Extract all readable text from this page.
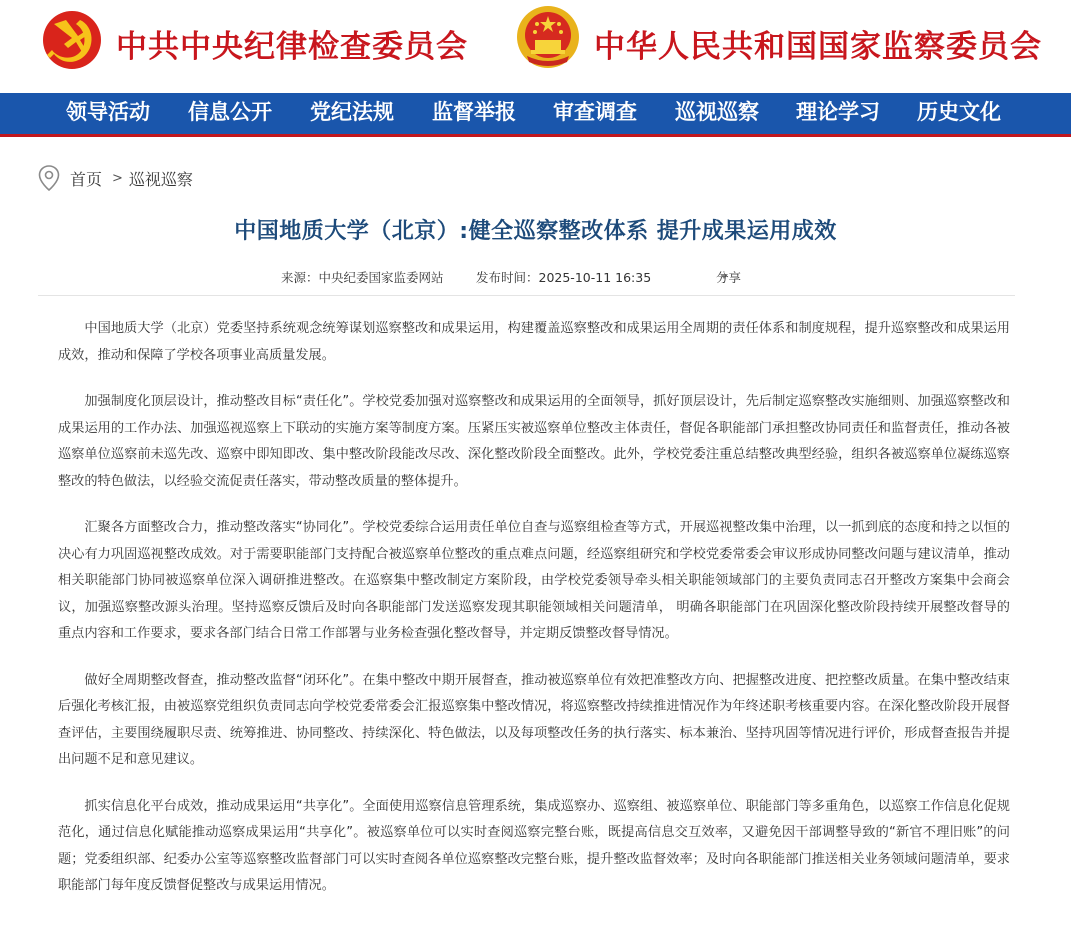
中共中央纪律检查委员会	中华人民共和国国家监察委员会
领导活动 信息公开 党纪法规 监督举报 审查调查 巡视巡察 理论学习 历史文化
首页 > 巡视巡察
中国地质大学（北京）:健全巡察整改体系 提升成果运用成效
来源：中央纪委国家监委网站	发布时间：2025-10-11 16:35	分享

中国地质大学（北京）党委坚持系统观念统筹谋划巡察整改和成果运用，构建覆盖巡察整改和成果运用全周期的责任体系和制度规程，提升巡察整改和成果运用成效，推动和保障了学校各项事业高质量发展。

加强制度化顶层设计，推动整改目标“责任化”。学校党委加强对巡察整改和成果运用的全面领导，抓好顶层设计，先后制定巡察整改实施细则、加强巡察整改和成果运用的工作办法、加强巡视巡察上下联动的实施方案等制度方案。压紧压实被巡察单位整改主体责任，督促各职能部门承担整改协同责任和监督责任，推动各被巡察单位巡察前未巡先改、巡察中即知即改、集中整改阶段能改尽改、深化整改阶段全面整改。此外，学校党委注重总结整改典型经验，组织各被巡察单位凝练巡察整改的特色做法，以经验交流促责任落实，带动整改质量的整体提升。

汇聚各方面整改合力，推动整改落实“协同化”。学校党委综合运用责任单位自查与巡察组检查等方式，开展巡视整改集中治理，以一抓到底的态度和持之以恒的决心有力巩固巡视整改成效。对于需要职能部门支持配合被巡察单位整改的重点难点问题，经巡察组研究和学校党委常委会审议形成协同整改问题与建议清单，推动相关职能部门协同被巡察单位深入调研推进整改。在巡察集中整改制定方案阶段，由学校党委领导牵头相关职能领域部门的主要负责同志召开整改方案集中会商会议，加强巡察整改源头治理。坚持巡察反馈后及时向各职能部门发送巡察发现其职能领域相关问题清单， 明确各职能部门在巩固深化整改阶段持续开展整改督导的重点内容和工作要求，要求各部门结合日常工作部署与业务检查强化整改督导，并定期反馈整改督导情况。

做好全周期整改督查，推动整改监督“闭环化”。在集中整改中期开展督查，推动被巡察单位有效把准整改方向、把握整改进度、把控整改质量。在集中整改结束后强化考核汇报，由被巡察党组织负责同志向学校党委常委会汇报巡察集中整改情况，将巡察整改持续推进情况作为年终述职考核重要内容。在深化整改阶段开展督查评估，主要围绕履职尽责、统筹推进、协同整改、持续深化、特色做法，以及每项整改任务的执行落实、标本兼治、坚持巩固等情况进行评价，形成督查报告并提出问题不足和意见建议。

抓实信息化平台成效，推动成果运用“共享化”。全面使用巡察信息管理系统，集成巡察办、巡察组、被巡察单位、职能部门等多重角色，以巡察工作信息化促规范化，通过信息化赋能推动巡察成果运用“共享化”。被巡察单位可以实时查阅巡察完整台账，既提高信息交互效率，又避免因干部调整导致的“新官不理旧账”的问题；党委组织部、纪委办公室等巡察整改监督部门可以实时查阅各单位巡察整改完整台账，提升整改监督效率；及时向各职能部门推送相关业务领域问题清单，要求职能部门每年度反馈督促整改与成果运用情况。
